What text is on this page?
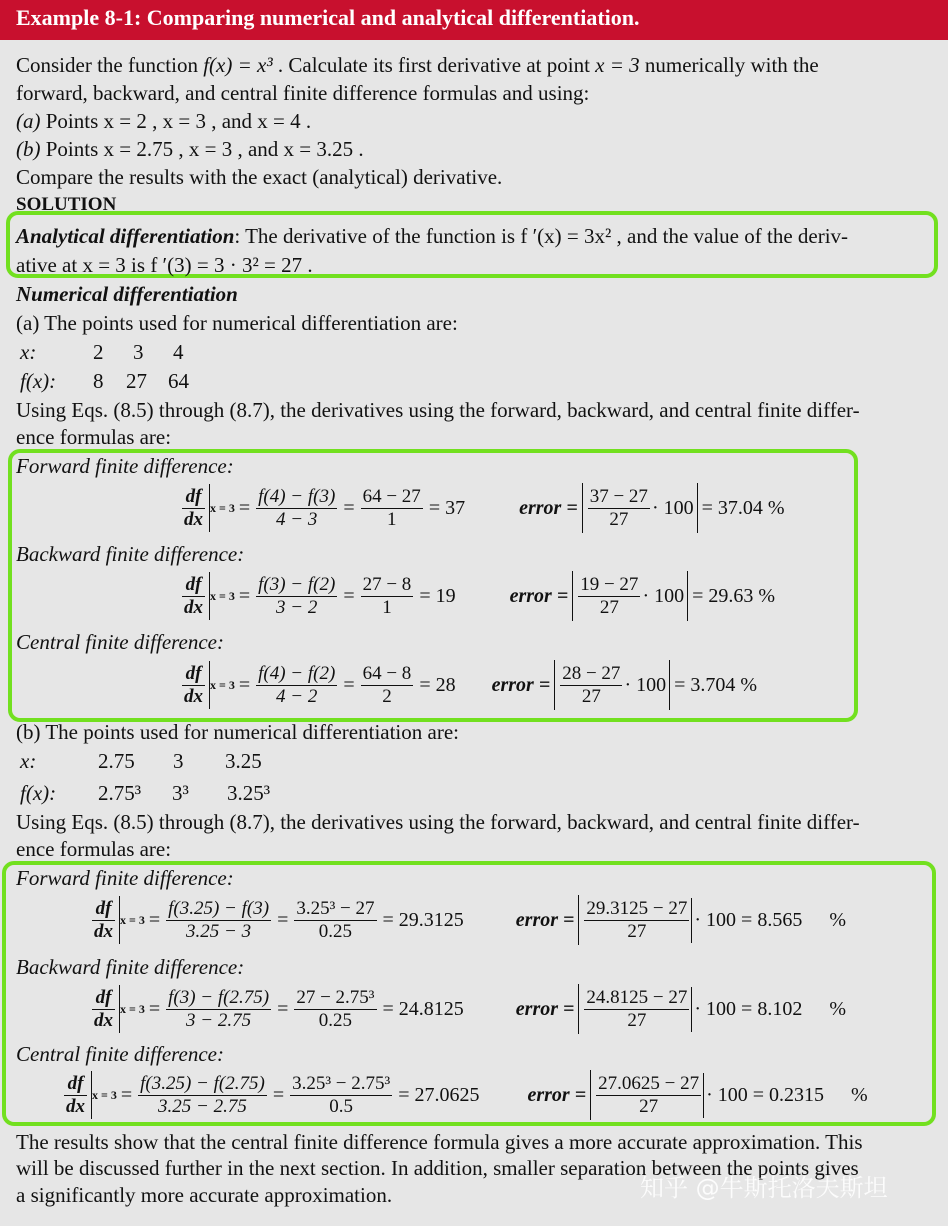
Example 8-1: Comparing numerical and analytical differentiation.
Consider the function f(x) = x³ . Calculate its first derivative at point x = 3 numerically with the
forward, backward, and central finite difference formulas and using:
(a) Points x = 2 , x = 3 , and x = 4 .
(b) Points x = 2.75 , x = 3 , and x = 3.25 .
Compare the results with the exact (analytical) derivative.
SOLUTION
Analytical differentiation: The derivative of the function is f ′(x) = 3x² , and the value of the deriv-
ative at x = 3 is f ′(3) = 3 · 3² = 27 .
Numerical differentiation
(a) The points used for numerical differentiation are:
x:	2 3 4
f(x): 8 27 64
Using Eqs. (8.5) through (8.7), the derivatives using the forward, backward, and central finite differ-
ence formulas are:
Forward finite difference:
$\frac{df}{dx}$ $x = 3 = \frac{f(4) - f(3)}{4 - 3} = \frac{64 - 27}{1} = 37$	error = $\frac{37 - 27}{27} \cdot 100 = 37.04$ %
Backward finite difference:
$\frac{df}{dx}$ $x = 3 = \frac{f(3) - f(2)}{3 - 2} = \frac{27 - 8}{1} = 19$	error = $\frac{19 - 27}{27} \cdot 100 = 29.63$ %
Central finite difference:
$\frac{df}{dx}$ $x = 3 = \frac{f(4) - f(2)}{4 - 2} = \frac{64 - 8}{2} = 28$ error = $\frac{28 - 27}{27} \cdot 100 = 3.704$ %
(b) The points used for numerical differentiation are:
x:	2.75 3 3.25
f(x): 2.75³ 3³ 3.25³
Using Eqs. (8.5) through (8.7), the derivatives using the forward, backward, and central finite differ-
ence formulas are:
Forward finite difference:
$\frac{df}{dx}$ $x = 3 = \frac{f(3.25) - f(3)}{3.25 - 3} = \frac{\text{3.25³ − 27}}{0.25} = 29.3125$	error = $\frac{29.3125 - 27}{27} \cdot 100 = 8.565$ %
Backward finite difference:
$\frac{df}{dx}$ $x = 3 = \frac{f(3) - f(2.75)}{3 - 2.75} = \frac{\text{27 − 2.75³}}{0.25} = 24.8125$	error = $\frac{24.8125 - 27}{27} \cdot 100 = 8.102$ %
Central finite difference:
$\frac{df}{dx}$ $x = 3 = \frac{f(3.25) - f(2.75)}{3.25 - 2.75} = \frac{\text{3.25³ − 2.75³}}{0.5} = 27.0625$ error = $\frac{27.0625 - 27}{27} \cdot 100 = 0.2315$ %
The results show that the central finite difference formula gives a more accurate approximation. This
will be discussed further in the next section. In addition, smaller separation between the points gives
a significantly more accurate approximation.	知乎 @牛斯托洛夫斯坦
